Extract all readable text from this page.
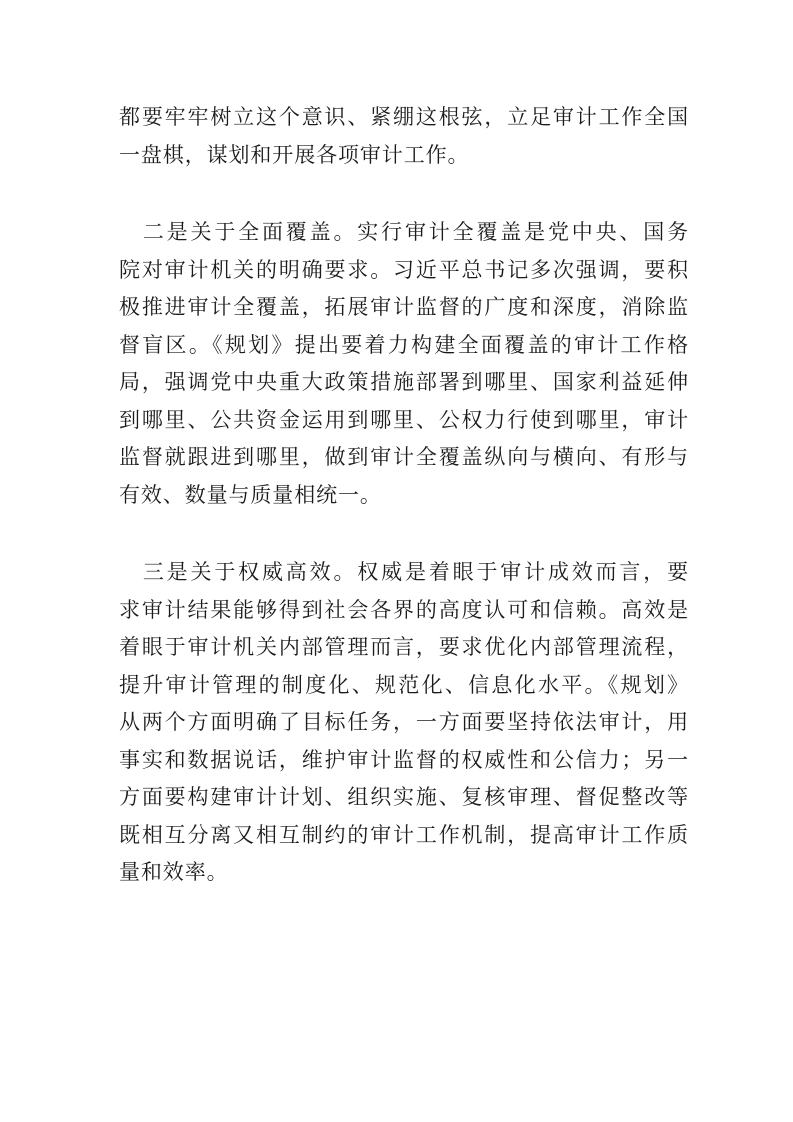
都要牢牢树立这个意识、紧绷这根弦，立足审计工作全国
一盘棋，谋划和开展各项审计工作。
　二是关于全面覆盖。实行审计全覆盖是党中央、国务
院对审计机关的明确要求。习近平总书记多次强调，要积
极推进审计全覆盖，拓展审计监督的广度和深度，消除监
督盲区。《规划》提出要着力构建全面覆盖的审计工作格
局，强调党中央重大政策措施部署到哪里、国家利益延伸
到哪里、公共资金运用到哪里、公权力行使到哪里，审计
监督就跟进到哪里，做到审计全覆盖纵向与横向、有形与
有效、数量与质量相统一。
　三是关于权威高效。权威是着眼于审计成效而言，要
求审计结果能够得到社会各界的高度认可和信赖。高效是
着眼于审计机关内部管理而言，要求优化内部管理流程，
提升审计管理的制度化、规范化、信息化水平。《规划》
从两个方面明确了目标任务，一方面要坚持依法审计，用
事实和数据说话，维护审计监督的权威性和公信力；另一
方面要构建审计计划、组织实施、复核审理、督促整改等
既相互分离又相互制约的审计工作机制，提高审计工作质
量和效率。
